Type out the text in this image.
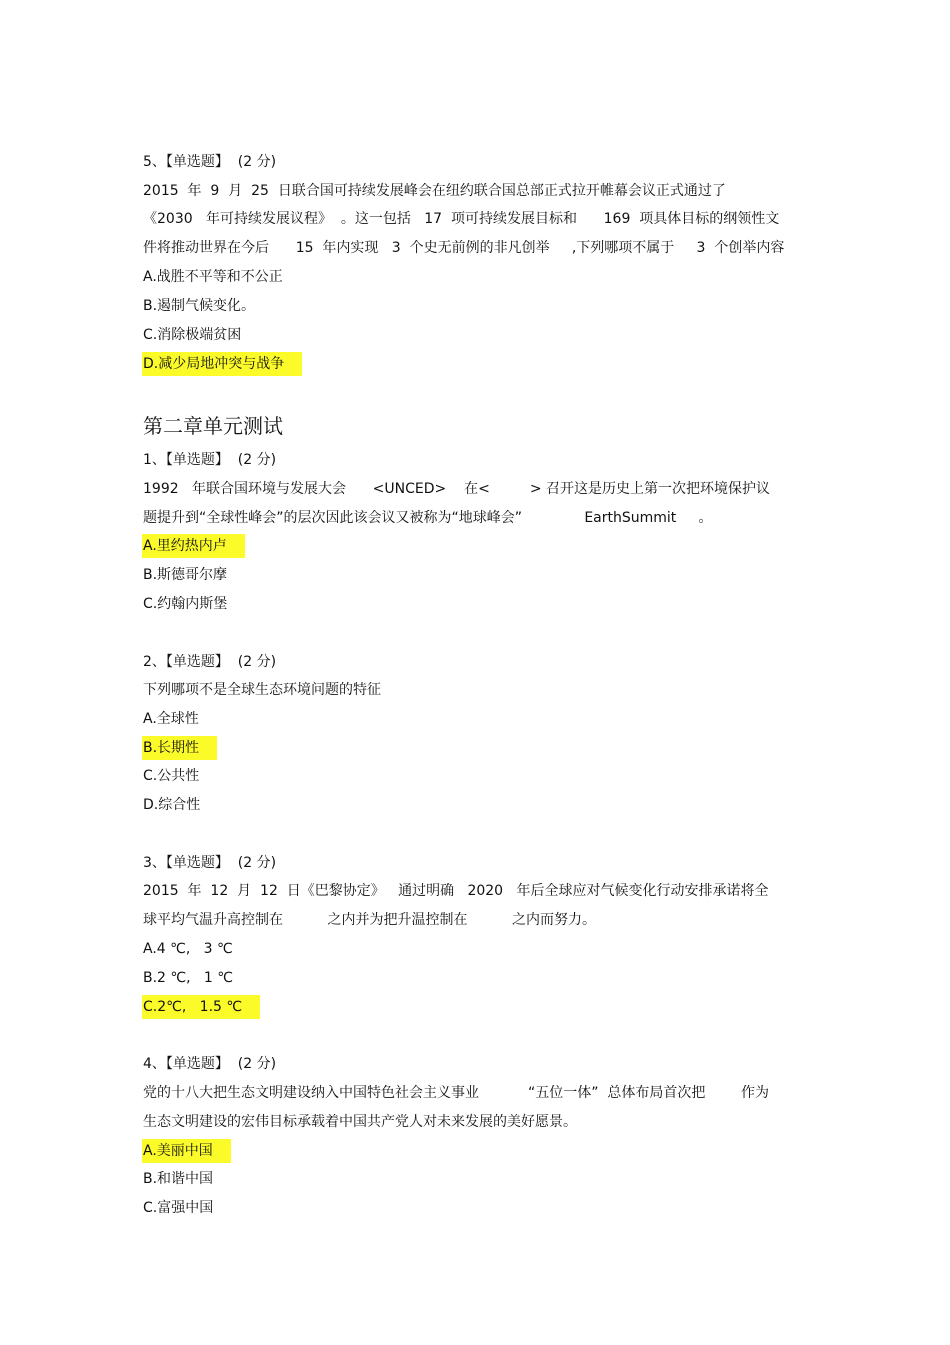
5、【单选题】  (2 分)

2015  年  9  月  25  日联合国可持续发展峰会在纽约联合国总部正式拉开帷幕会议正式通过了

《2030   年可持续发展议程》  。这一包括   17  项可持续发展目标和      169  项具体目标的纲领性文

件将推动世界在今后      15  年内实现   3  个史无前例的非凡创举     ,下列哪项不属于     3  个创举内容

A.战胜不平等和不公正

B.遏制气候变化。

C.消除极端贫困

D.减少局地冲突与战争

第二章单元测试

1、【单选题】  (2 分)

1992   年联合国环境与发展大会      <UNCED>    在<         > 召开这是历史上第一次把环境保护议

题提升到“全球性峰会”的层次因此该会议又被称为“地球峰会”              EarthSummit     。

A.里约热内卢

B.斯德哥尔摩

C.约翰内斯堡

2、【单选题】  (2 分)

下列哪项不是全球生态环境问题的特征

A.全球性

B.长期性

C.公共性

D.综合性

3、【单选题】  (2 分)

2015  年  12  月  12  日《巴黎协定》   通过明确   2020   年后全球应对气候变化行动安排承诺将全

球平均气温升高控制在          之内并为把升温控制在          之内而努力。

A.4 ℃,   3 ℃

B.2 ℃,   1 ℃

C.2℃,   1.5 ℃

4、【单选题】  (2 分)

党的十八大把生态文明建设纳入中国特色社会主义事业           “五位一体”  总体布局首次把        作为

生态文明建设的宏伟目标承载着中国共产党人对未来发展的美好愿景。

A.美丽中国

B.和谐中国

C.富强中国
